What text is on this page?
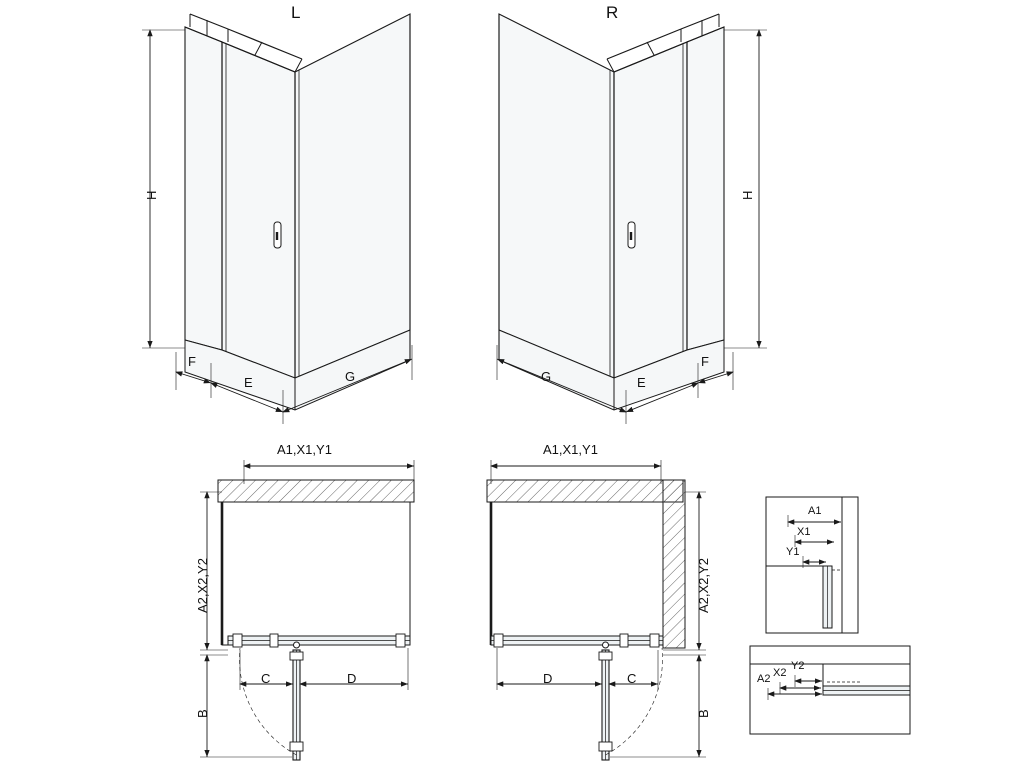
L	R
H
F
E	G
H
F
E
G
A1,X1,Y1
A2,X2,Y2
B
C	D
A1,X1,Y1
A2,X2,Y2
B
D	C
A1
X1
Y1
A2 X2
Y2
